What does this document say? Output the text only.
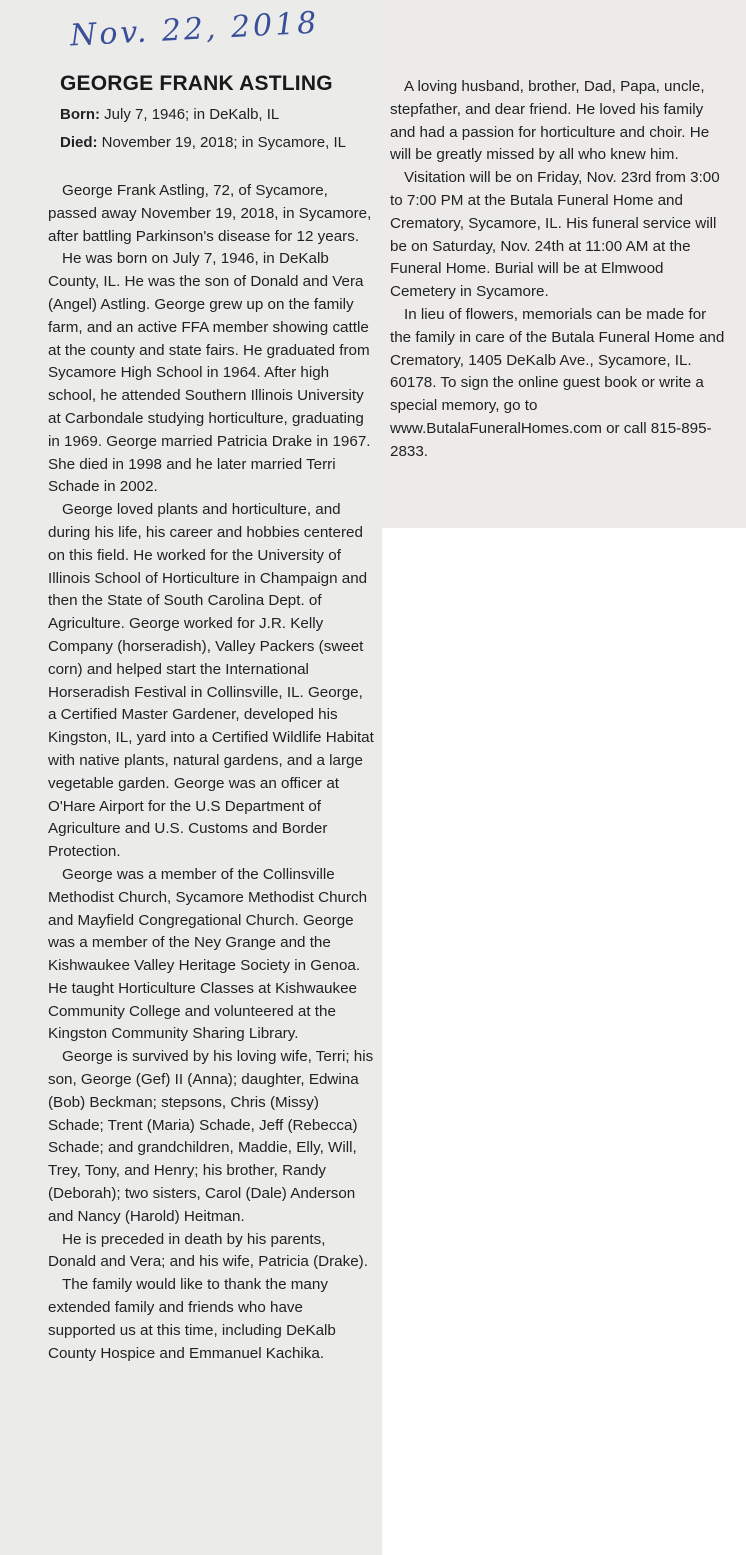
Nov. 22, 2018
GEORGE FRANK ASTLING
Born: July 7, 1946; in DeKalb, IL
Died: November 19, 2018; in Sycamore, IL

George Frank Astling, 72, of Sycamore, passed away November 19, 2018, in Sycamore, after battling Parkinson's disease for 12 years.

He was born on July 7, 1946, in DeKalb County, IL. He was the son of Donald and Vera (Angel) Astling. George grew up on the family farm, and an active FFA member showing cattle at the county and state fairs. He graduated from Sycamore High School in 1964. After high school, he attended Southern Illinois University at Carbondale studying horticulture, graduating in 1969. George married Patricia Drake in 1967. She died in 1998 and he later married Terri Schade in 2002.

George loved plants and horticulture, and during his life, his career and hobbies centered on this field. He worked for the University of Illinois School of Horticulture in Champaign and then the State of South Carolina Dept. of Agriculture. George worked for J.R. Kelly Company (horseradish), Valley Packers (sweet corn) and helped start the International Horseradish Festival in Collinsville, IL. George, a Certified Master Gardener, developed his Kingston, IL, yard into a Certified Wildlife Habitat with native plants, natural gardens, and a large vegetable garden. George was an officer at O'Hare Airport for the U.S Department of Agriculture and U.S. Customs and Border Protection.

George was a member of the Collinsville Methodist Church, Sycamore Methodist Church and Mayfield Congregational Church. George was a member of the Ney Grange and the Kishwaukee Valley Heritage Society in Genoa. He taught Horticulture Classes at Kishwaukee Community College and volunteered at the Kingston Community Sharing Library.

George is survived by his loving wife, Terri; his son, George (Gef) II (Anna); daughter, Edwina (Bob) Beckman; stepsons, Chris (Missy) Schade; Trent (Maria) Schade, Jeff (Rebecca) Schade; and grandchildren, Maddie, Elly, Will, Trey, Tony, and Henry; his brother, Randy (Deborah); two sisters, Carol (Dale) Anderson and Nancy (Harold) Heitman.

He is preceded in death by his parents, Donald and Vera; and his wife, Patricia (Drake).

The family would like to thank the many extended family and friends who have supported us at this time, including DeKalb County Hospice and Emmanuel Kachika.

A loving husband, brother, Dad, Papa, uncle, stepfather, and dear friend. He loved his family and had a passion for horticulture and choir. He will be greatly missed by all who knew him.

Visitation will be on Friday, Nov. 23rd from 3:00 to 7:00 PM at the Butala Funeral Home and Crematory, Sycamore, IL. His funeral service will be on Saturday, Nov. 24th at 11:00 AM at the Funeral Home. Burial will be at Elmwood Cemetery in Sycamore.

In lieu of flowers, memorials can be made for the family in care of the Butala Funeral Home and Crematory, 1405 DeKalb Ave., Sycamore, IL. 60178. To sign the online guest book or write a special memory, go to www.ButalaFuneralHomes.com or call 815-895-2833.
